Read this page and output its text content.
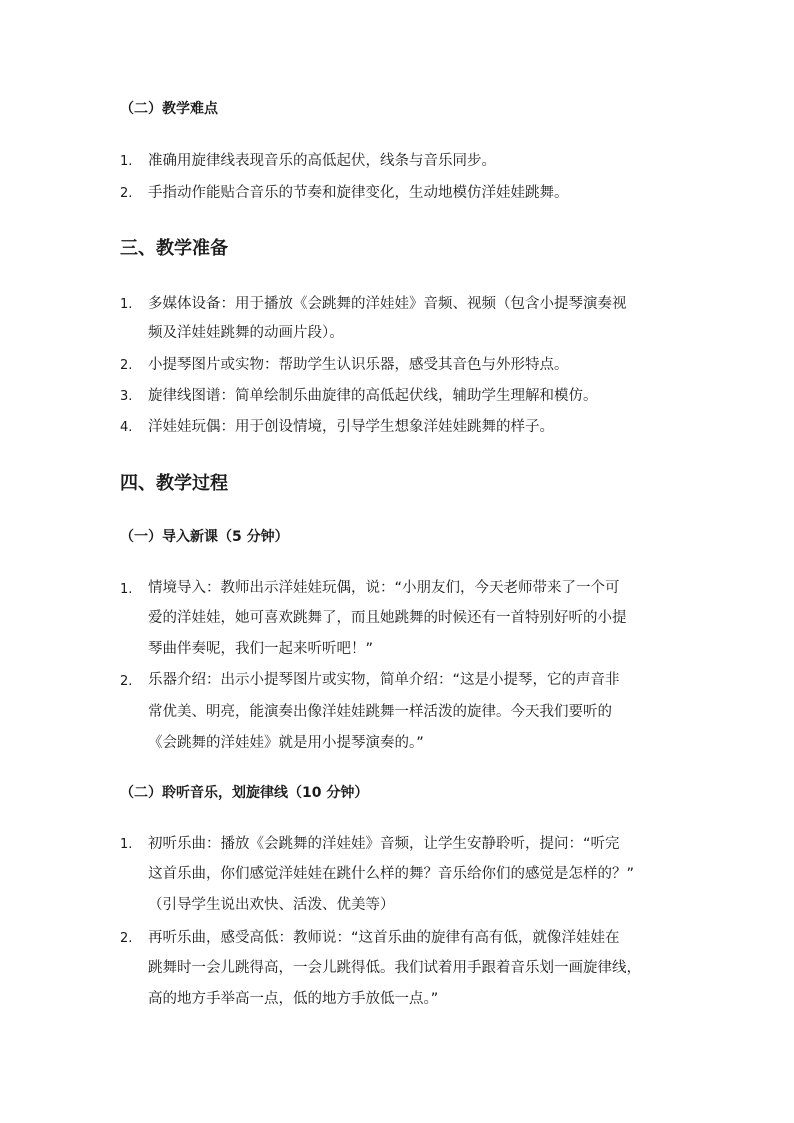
（二）教学难点
1. 准确用旋律线表现音乐的高低起伏，线条与音乐同步。
2. 手指动作能贴合音乐的节奏和旋律变化，生动地模仿洋娃娃跳舞。
三、教学准备
1. 多媒体设备：用于播放《会跳舞的洋娃娃》音频、视频（包含小提琴演奏视
频及洋娃娃跳舞的动画片段）。
2. 小提琴图片或实物：帮助学生认识乐器，感受其音色与外形特点。
3. 旋律线图谱：简单绘制乐曲旋律的高低起伏线，辅助学生理解和模仿。
4. 洋娃娃玩偶：用于创设情境，引导学生想象洋娃娃跳舞的样子。
四、教学过程
（一）导入新课（5 分钟）
1. 情境导入：教师出示洋娃娃玩偶，说：“小朋友们，今天老师带来了一个可
爱的洋娃娃，她可喜欢跳舞了，而且她跳舞的时候还有一首特别好听的小提
琴曲伴奏呢，我们一起来听听吧！”
2. 乐器介绍：出示小提琴图片或实物，简单介绍：“这是小提琴，它的声音非
常优美、明亮，能演奏出像洋娃娃跳舞一样活泼的旋律。今天我们要听的
《会跳舞的洋娃娃》就是用小提琴演奏的。”
（二）聆听音乐，划旋律线（10 分钟）
1. 初听乐曲：播放《会跳舞的洋娃娃》音频，让学生安静聆听，提问：“听完
这首乐曲，你们感觉洋娃娃在跳什么样的舞？音乐给你们的感觉是怎样的？”
（引导学生说出欢快、活泼、优美等）
2. 再听乐曲，感受高低：教师说：“这首乐曲的旋律有高有低，就像洋娃娃在
跳舞时一会儿跳得高，一会儿跳得低。我们试着用手跟着音乐划一画旋律线，
高的地方手举高一点，低的地方手放低一点。”
